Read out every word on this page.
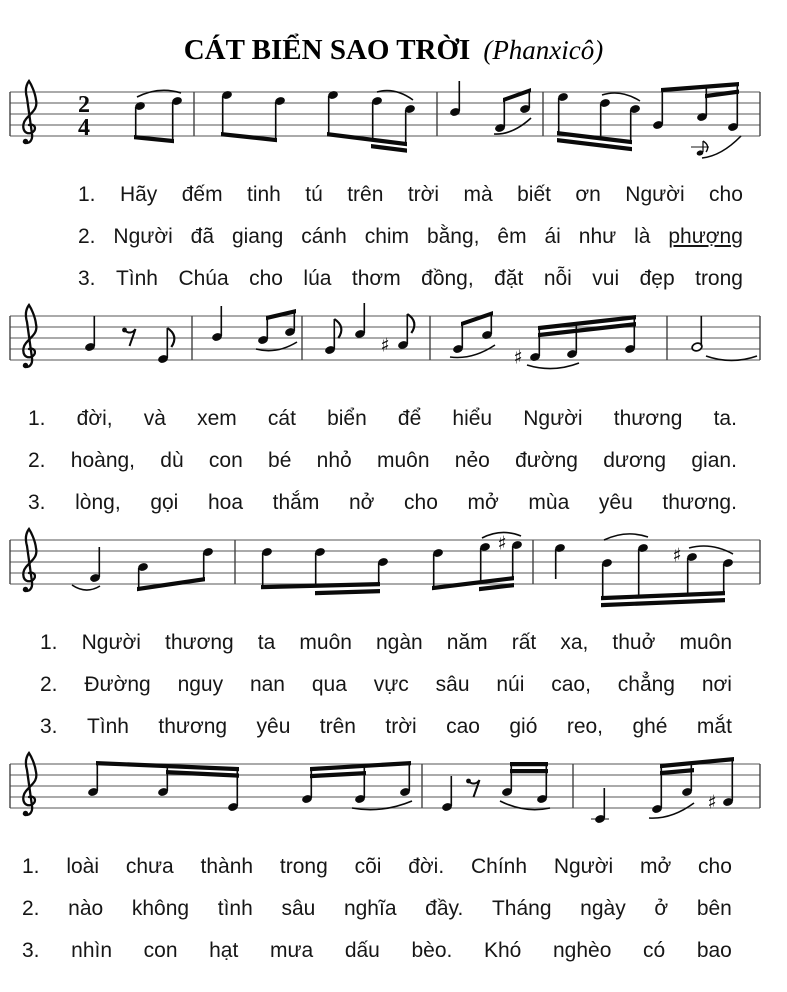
CÁT BIỂN SAO TRỜI (Phanxicô)
2
4
1. Hãy đếm tinh tú trên trời mà biết ơn Người cho
2. Người đã giang cánh chim bằng, êm ái như là phượng
3. Tình Chúa cho lúa thơm đồng, đặt nỗi vui đẹp trong
♯
♯
1. đời, và xem cát biển để hiểu Người thương ta.
2. hoàng, dù con bé nhỏ muôn nẻo đường dương gian.
3. lòng, gọi hoa thắm nở cho mở mùa yêu thương.
♯
♯
1. Người thương ta muôn ngàn năm rất xa, thuở muôn
2. Đường nguy nan qua vực sâu núi cao, chẳng nơi
3. Tình thương yêu trên trời cao gió reo, ghé mắt
♯
1. loài chưa thành trong cõi đời. Chính Người mở cho
2. nào không tình sâu nghĩa đầy. Tháng ngày ở bên
3. nhìn con hạt mưa dấu bèo. Khó nghèo có bao
